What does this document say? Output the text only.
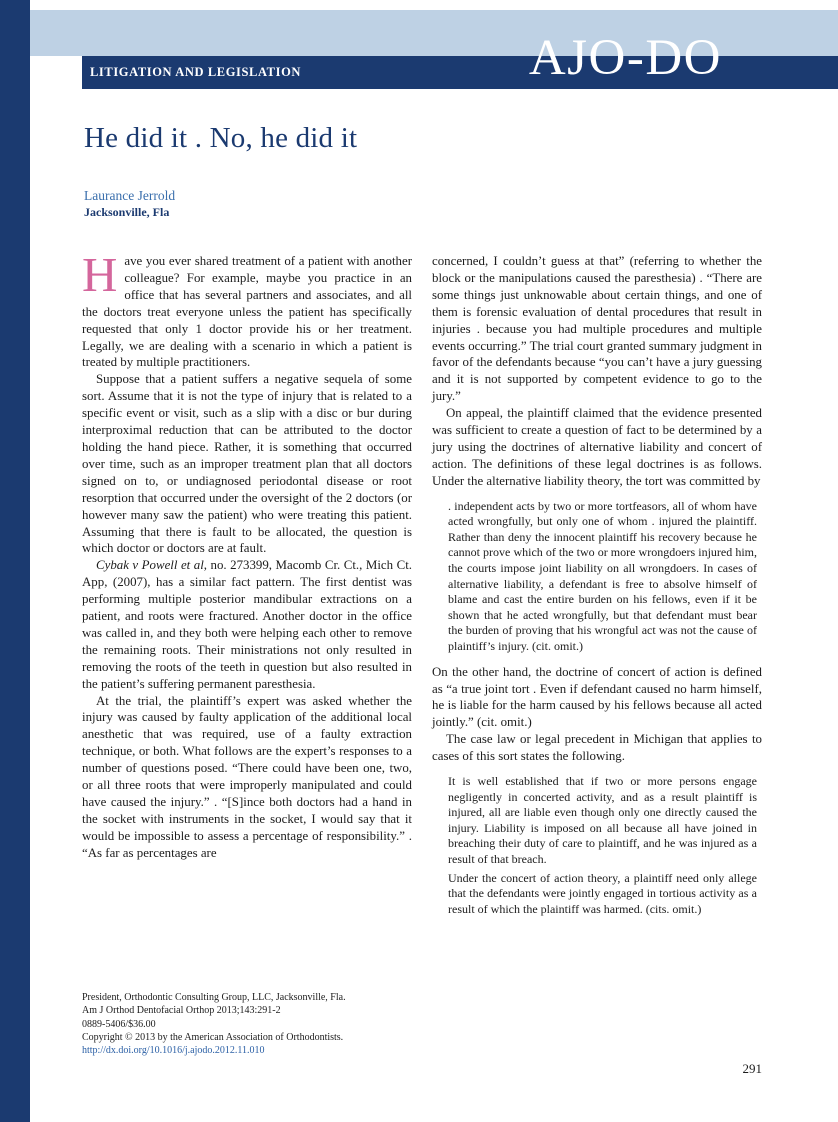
LITIGATION AND LEGISLATION	AJO-DO
He did it . No, he did it
Laurance Jerrold
Jacksonville, Fla

Have you ever shared treatment of a patient with another colleague? For example, maybe you practice in an office that has several partners and associates, and all the doctors treat everyone unless the patient has specifically requested that only 1 doctor provide his or her treatment. Legally, we are dealing with a scenario in which a patient is treated by multiple practitioners.

Suppose that a patient suffers a negative sequela of some sort. Assume that it is not the type of injury that is related to a specific event or visit, such as a slip with a disc or bur during interproximal reduction that can be attributed to the doctor holding the hand piece. Rather, it is something that occurred over time, such as an improper treatment plan that all doctors signed on to, or undiagnosed periodontal disease or root resorption that occurred under the oversight of the 2 doctors (or however many saw the patient) who were treating this patient. Assuming that there is fault to be allocated, the question is which doctor or doctors are at fault.

Cybak v Powell et al, no. 273399, Macomb Cr. Ct., Mich Ct. App, (2007), has a similar fact pattern. The first dentist was performing multiple posterior mandibular extractions on a patient, and roots were fractured. Another doctor in the office was called in, and they both were helping each other to remove the remaining roots. Their ministrations not only resulted in removing the roots of the teeth in question but also resulted in the patient’s suffering permanent paresthesia.

At the trial, the plaintiff’s expert was asked whether the injury was caused by faulty application of the additional local anesthetic that was required, use of a faulty extraction technique, or both. What follows are the expert’s responses to a number of questions posed. “There could have been one, two, or all three roots that were improperly manipulated and could have caused the injury.” . “[S]ince both doctors had a hand in the socket with instruments in the socket, I would say that it would be impossible to assess a percentage of responsibility.” . “As far as percentages are

concerned, I couldn’t guess at that” (referring to whether the block or the manipulations caused the paresthesia) . “There are some things just unknowable about certain things, and one of them is forensic evaluation of dental procedures that result in injuries . because you had multiple procedures and multiple events occurring.” The trial court granted summary judgment in favor of the defendants because “you can’t have a jury guessing and it is not supported by competent evidence to go to the jury.”

On appeal, the plaintiff claimed that the evidence presented was sufficient to create a question of fact to be determined by a jury using the doctrines of alternative liability and concert of action. The definitions of these legal doctrines is as follows. Under the alternative liability theory, the tort was committed by

. independent acts by two or more tortfeasors, all of whom have acted wrongfully, but only one of whom . injured the plaintiff. Rather than deny the innocent plaintiff his recovery because he cannot prove which of the two or more wrongdoers injured him, the courts impose joint liability on all wrongdoers. In cases of alternative liability, a defendant is free to absolve himself of blame and cast the entire burden on his fellows, even if it be shown that he acted wrongfully, but that defendant must bear the burden of proving that his wrongful act was not the cause of plaintiff’s injury. (cit. omit.)

On the other hand, the doctrine of concert of action is defined as “a true joint tort . Even if defendant caused no harm himself, he is liable for the harm caused by his fellows because all acted jointly.” (cit. omit.)

The case law or legal precedent in Michigan that applies to cases of this sort states the following.

It is well established that if two or more persons engage negligently in concerted activity, and as a result plaintiff is injured, all are liable even though only one directly caused the injury. Liability is imposed on all because all have joined in breaching their duty of care to plaintiff, and he was injured as a result of that breach.

Under the concert of action theory, a plaintiff need only allege that the defendants were jointly engaged in tortious activity as a result of which the plaintiff was harmed. (cits. omit.)

President, Orthodontic Consulting Group, LLC, Jacksonville, Fla.
Am J Orthod Dentofacial Orthop 2013;143:291-2
0889-5406/$36.00
Copyright © 2013 by the American Association of Orthodontists.
http://dx.doi.org/10.1016/j.ajodo.2012.11.010
291
